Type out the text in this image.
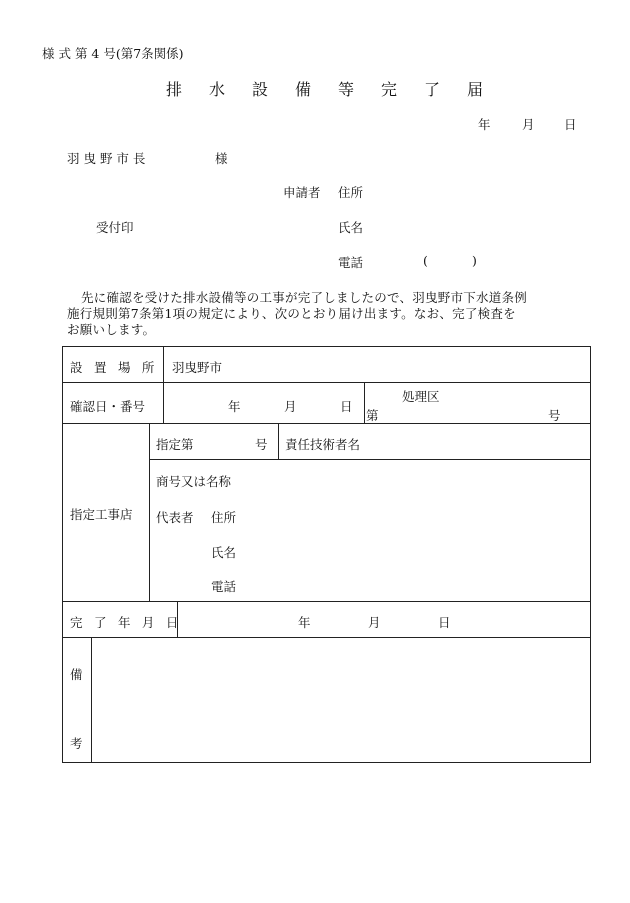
様 式 第 4 号(第7条関係)
排 水 設 備 等 完 了 届
年	月 日
羽 曳 野 市 長	様
申請者 住所
受付印	氏名
電話	(	)
先に確認を受けた排水設備等の工事が完了しましたので、羽曳野市下水道条例
施行規則第7条第1項の規定により、次のとおり届け出ます。なお、完了検査を
お願いします。
設 置 場 所 羽曳野市
確認日・番号	年	月	日
処理区
第	号
指定工事店
指定第	号 責任技術者名
商号又は名称
代表者 住所
氏名
電話
完 了 年 月 日	年	月	日
備
考
